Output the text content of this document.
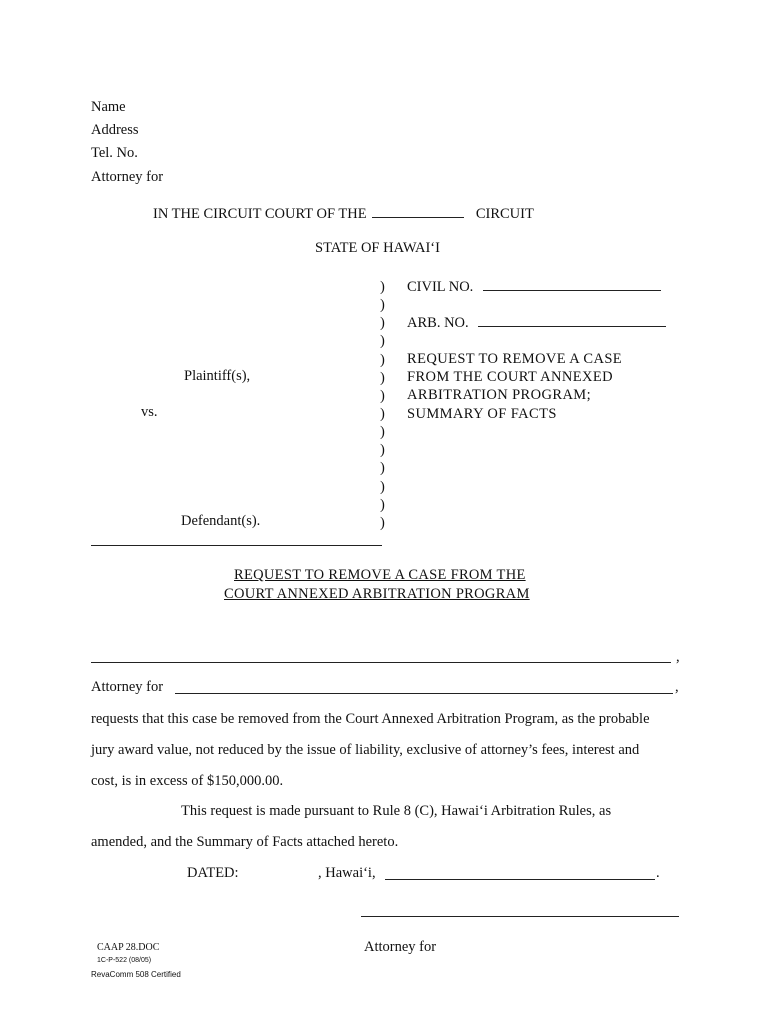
Name
Address
Tel. No.
Attorney for
IN THE CIRCUIT COURT OF THE	CIRCUIT
STATE OF HAWAI‘I
)
)
)
)
)
)
)
)
)
)
)
)
)
)
CIVIL NO.
ARB. NO.
REQUEST TO REMOVE A CASE
FROM THE COURT ANNEXED
ARBITRATION PROGRAM;
SUMMARY OF FACTS
Plaintiff(s),
vs.
Defendant(s).
REQUEST TO REMOVE A CASE FROM THE
COURT ANNEXED ARBITRATION PROGRAM
,
Attorney for	,
requests that this case be removed from the Court Annexed Arbitration Program, as the probable
jury award value, not reduced by the issue of liability, exclusive of attorney’s fees, interest and
cost, is in excess of $150,000.00.
This request is made pursuant to Rule 8 (C), Hawai‘i Arbitration Rules, as
amended, and the Summary of Facts attached hereto.
DATED:	, Hawai‘i,	.
Attorney for
CAAP 28.DOC
1C-P-522 (08/05)
RevaComm 508 Certified
